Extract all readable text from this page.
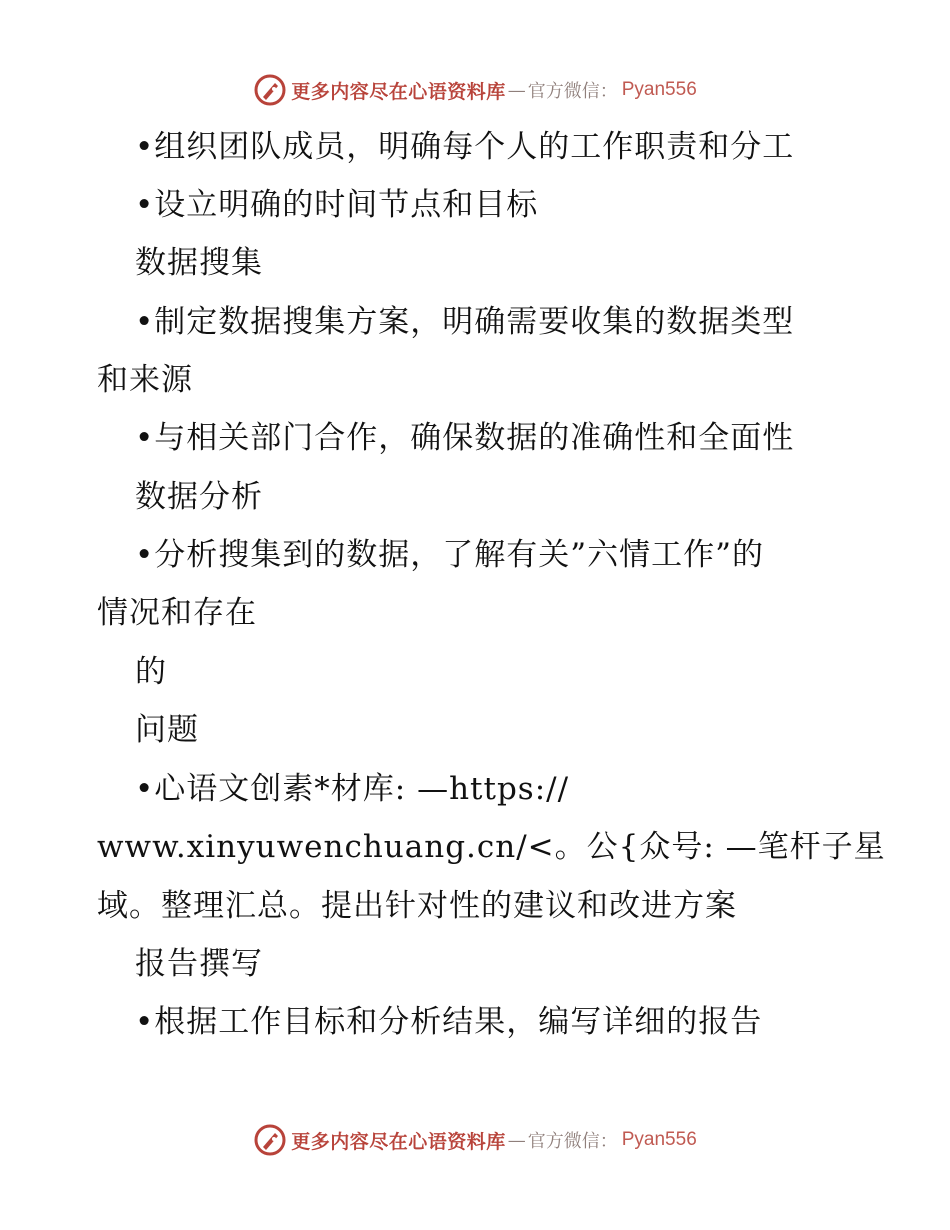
更多内容尽在心语资料库 — 官方微信： Pyan556
•组织团队成员，明确每个人的工作职责和分工
•设立明确的时间节点和目标
数据搜集
•制定数据搜集方案，明确需要收集的数据类型
和来源
•与相关部门合作，确保数据的准确性和全面性
数据分析
•分析搜集到的数据，了解有关”六情工作”的
情况和存在
的
问题
•心语文创素*材库: —https://
www.xinyuwenchuang.cn/<。公{众号: —笔杆子星
域。整理汇总。提出针对性的建议和改进方案
报告撰写
•根据工作目标和分析结果，编写详细的报告
更多内容尽在心语资料库 — 官方微信： Pyan556
